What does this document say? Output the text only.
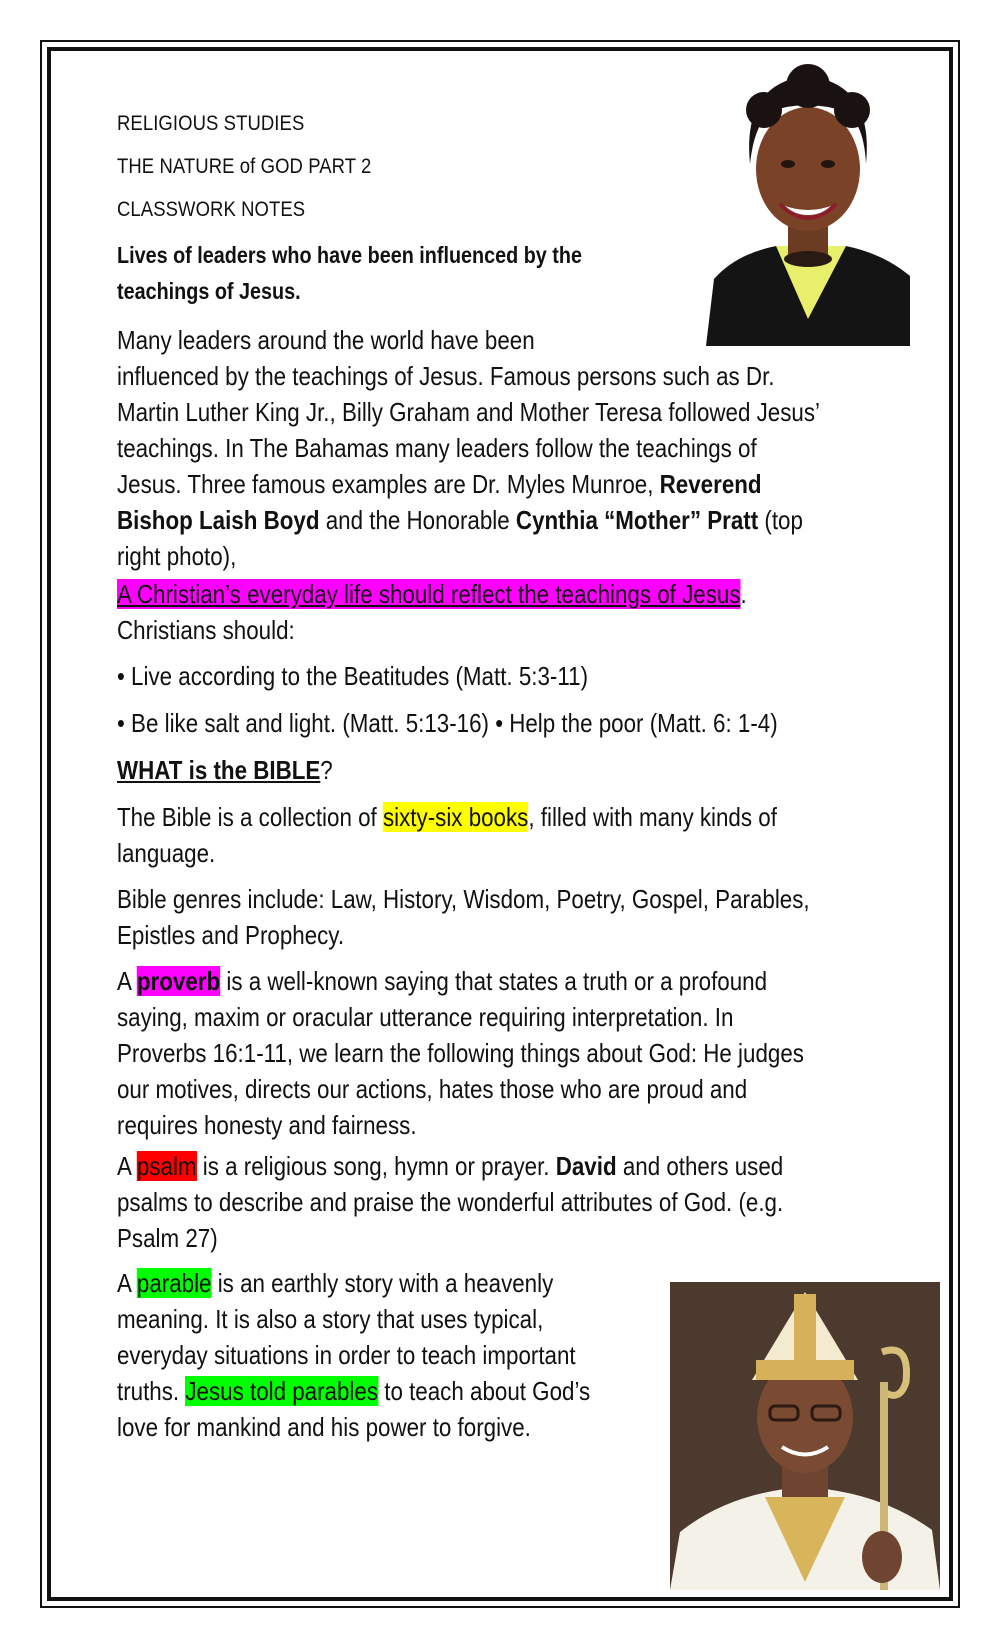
RELIGIOUS STUDIES
THE NATURE of GOD PART 2
CLASSWORK NOTES
Lives of leaders who have been influenced by the
teachings of Jesus.
Many leaders around the world have been
influenced by the teachings of Jesus. Famous persons such as Dr.
Martin Luther King Jr., Billy Graham and Mother Teresa followed Jesus’
teachings. In The Bahamas many leaders follow the teachings of
Jesus. Three famous examples are Dr. Myles Munroe, Reverend
Bishop Laish Boyd and the Honorable Cynthia “Mother” Pratt (top
right photo),
A Christian’s everyday life should reflect the teachings of Jesus.
Christians should:
• Live according to the Beatitudes (Matt. 5:3-11)
• Be like salt and light. (Matt. 5:13-16) • Help the poor (Matt. 6: 1-4)
WHAT is the BIBLE?
The Bible is a collection of sixty-six books, filled with many kinds of
language.
Bible genres include: Law, History, Wisdom, Poetry, Gospel, Parables,
Epistles and Prophecy.
A proverb is a well-known saying that states a truth or a profound
saying, maxim or oracular utterance requiring interpretation. In
Proverbs 16:1-11, we learn the following things about God: He judges
our motives, directs our actions, hates those who are proud and
requires honesty and fairness.
A psalm is a religious song, hymn or prayer. David and others used
psalms to describe and praise the wonderful attributes of God. (e.g.
Psalm 27)
A parable is an earthly story with a heavenly
meaning. It is also a story that uses typical,
everyday situations in order to teach important
truths. Jesus told parables to teach about God’s
love for mankind and his power to forgive.
